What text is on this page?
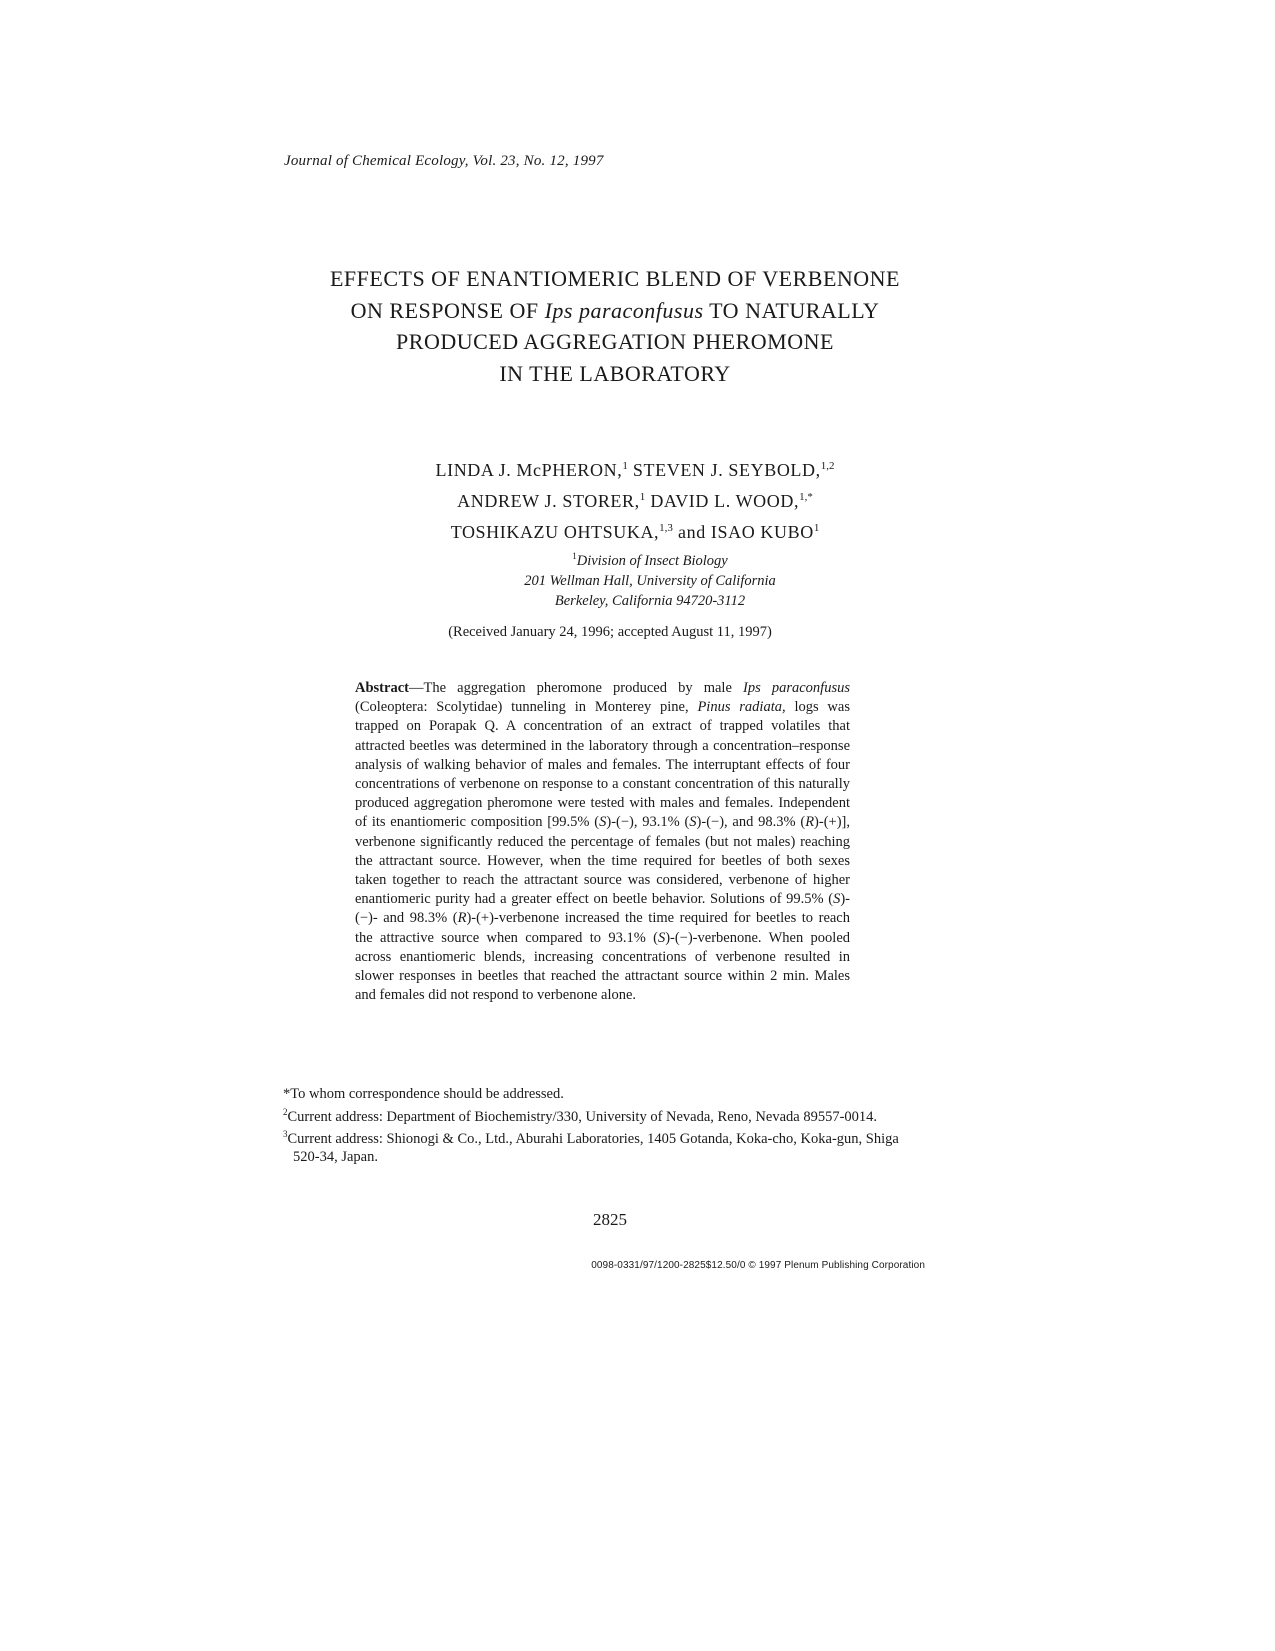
Journal of Chemical Ecology, Vol. 23, No. 12, 1997
EFFECTS OF ENANTIOMERIC BLEND OF VERBENONE
ON RESPONSE OF Ips paraconfusus TO NATURALLY
PRODUCED AGGREGATION PHEROMONE
IN THE LABORATORY
LINDA J. McPHERON,$^1$ STEVEN J. SEYBOLD,$^{1,2}$
ANDREW J. STORER,$^1$ DAVID L. WOOD,$^{1,*}$
TOSHIKAZU OHTSUKA,$^{1,3}$ and ISAO KUBO$^1$
$^1$Division of Insect Biology
201 Wellman Hall, University of California
Berkeley, California 94720-3112
(Received January 24, 1996; accepted August 11, 1997)

Abstract—The aggregation pheromone produced by male Ips paraconfusus (Coleoptera: Scolytidae) tunneling in Monterey pine, Pinus radiata, logs was trapped on Porapak Q. A concentration of an extract of trapped volatiles that attracted beetles was determined in the laboratory through a concentration–response analysis of walking behavior of males and females. The interruptant effects of four concentrations of verbenone on response to a constant concentration of this naturally produced aggregation pheromone were tested with males and females. Independent of its enantiomeric composition [99.5% (S)-(−), 93.1% (S)-(−), and 98.3% (R)-(+)], verbenone significantly reduced the percentage of females (but not males) reaching the attractant source. However, when the time required for beetles of both sexes taken together to reach the attractant source was considered, verbenone of higher enantiomeric purity had a greater effect on beetle behavior. Solutions of 99.5% (S)-(−)- and 98.3% (R)-(+)-verbenone increased the time required for beetles to reach the attractive source when compared to 93.1% (S)-(−)-verbenone. When pooled across enantiomeric blends, increasing concentrations of verbenone resulted in slower responses in beetles that reached the attractant source within 2 min. Males and females did not respond to verbenone alone.

*To whom correspondence should be addressed.

$^2$Current address: Department of Biochemistry/330, University of Nevada, Reno, Nevada 89557-0014.

$^3$Current address: Shionogi & Co., Ltd., Aburahi Laboratories, 1405 Gotanda, Koka-cho, Koka-gun, Shiga 520-34, Japan.

2825
0098-0331/97/1200-2825$12.50/0 © 1997 Plenum Publishing Corporation
